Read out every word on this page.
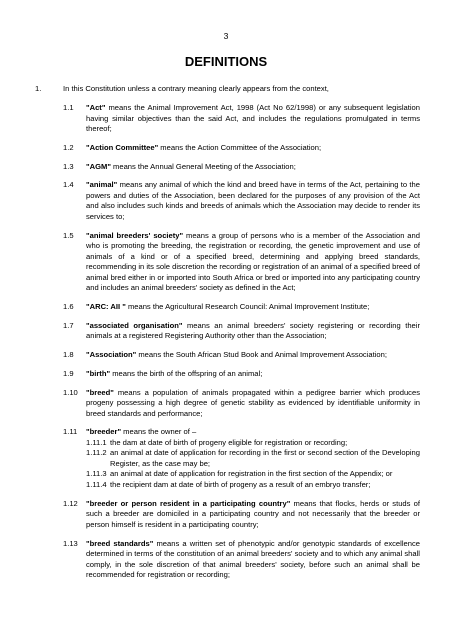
3
DEFINITIONS
1.	In this Constitution unless a contrary meaning clearly appears from the context,
1.1 "Act" means the Animal Improvement Act, 1998 (Act No 62/1998) or any subsequent legislation having similar objectives than the said Act, and includes the regulations promulgated in terms thereof;
1.2 "Action Committee" means the Action Committee of the Association;
1.3 "AGM" means the Annual General Meeting of the Association;
1.4 "animal" means any animal of which the kind and breed have in terms of the Act, pertaining to the powers and duties of the Association, been declared for the purposes of any provision of the Act and also includes such kinds and breeds of animals which the Association may decide to render its services to;
1.5 "animal breeders' society" means a group of persons who is a member of the Association and who is promoting the breeding, the registration or recording, the genetic improvement and use of animals of a kind or of a specified breed, determining and applying breed standards, recommending in its sole discretion the recording or registration of an animal of a specified breed of animal bred either in or imported into South Africa or bred or imported into any participating country and includes an animal breeders' society as defined in the Act;
1.6 "ARC: AII " means the Agricultural Research Council: Animal Improvement Institute;
1.7 "associated organisation" means an animal breeders' society registering or recording their animals at a registered Registering Authority other than the Association;
1.8 "Association" means the South African Stud Book and Animal Improvement Association;
1.9 "birth" means the birth of the offspring of an animal;
1.10 "breed" means a population of animals propagated within a pedigree barrier which produces progeny possessing a high degree of genetic stability as evidenced by identifiable uniformity in breed standards and performance;
1.11 "breeder" means the owner of –
1.11.1 the dam at date of birth of progeny eligible for registration or recording;
1.11.2 an animal at date of application for recording in the first or second section of the Developing Register, as the case may be;
1.11.3 an animal at date of application for registration in the first section of the Appendix; or
1.11.4 the recipient dam at date of birth of progeny as a result of an embryo transfer;
1.12 "breeder or person resident in a participating country" means that flocks, herds or studs of such a breeder are domiciled in a participating country and not necessarily that the breeder or person himself is resident in a participating country;
1.13 "breed standards" means a written set of phenotypic and/or genotypic standards of excellence determined in terms of the constitution of an animal breeders' society and to which any animal shall comply, in the sole discretion of that animal breeders' society, before such an animal shall be recommended for registration or recording;
